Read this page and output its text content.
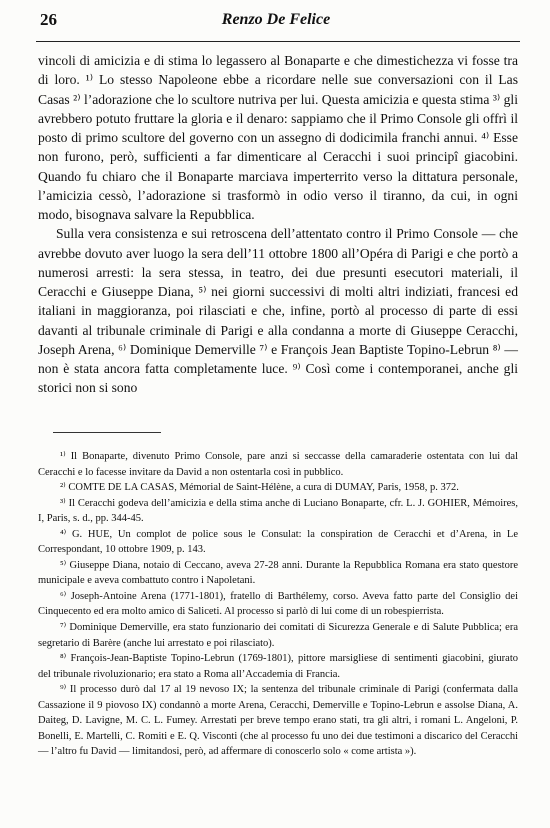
26	Renzo De Felice

vincoli di amicizia e di stima lo legassero al Bonaparte e che dimestichezza vi fosse tra di loro. ¹⁾ Lo stesso Napoleone ebbe a ricordare nelle sue conversazioni con il Las Casas ²⁾ l’adorazione che lo scultore nutriva per lui. Questa amicizia e questa stima ³⁾ gli avrebbero potuto fruttare la gloria e il denaro: sappiamo che il Primo Console gli offrì il posto di primo scultore del governo con un assegno di dodicimila franchi annui. ⁴⁾ Esse non furono, però, sufficienti a far dimenticare al Ceracchi i suoi principî giacobini. Quando fu chiaro che il Bonaparte marciava imperterrito verso la dittatura personale, l’amicizia cessò, l’adorazione si trasformò in odio verso il tiranno, da cui, in ogni modo, bisognava salvare la Repubblica.

Sulla vera consistenza e sui retroscena dell’attentato contro il Primo Console — che avrebbe dovuto aver luogo la sera dell’11 ottobre 1800 all’Opéra di Parigi e che portò a numerosi arresti: la sera stessa, in teatro, dei due presunti esecutori materiali, il Ceracchi e Giuseppe Diana, ⁵⁾ nei giorni successivi di molti altri indiziati, francesi ed italiani in maggioranza, poi rilasciati e che, infine, portò al processo di parte di essi davanti al tribunale criminale di Parigi e alla condanna a morte di Giuseppe Ceracchi, Joseph Arena, ⁶⁾ Dominique Demerville ⁷⁾ e François Jean Baptiste Topino-Lebrun ⁸⁾ — non è stata ancora fatta completamente luce. ⁹⁾ Così come i contemporanei, anche gli storici non si sono

¹⁾ Il Bonaparte, divenuto Primo Console, pare anzi si seccasse della camaraderie ostentata con lui dal Ceracchi e lo facesse invitare da David a non ostentarla così in pubblico.

²⁾ COMTE DE LA CASAS, Mémorial de Saint-Hélène, a cura di DUMAY, Paris, 1958, p. 372.

³⁾ Il Ceracchi godeva dell’amicizia e della stima anche di Luciano Bonaparte, cfr. L. J. GOHIER, Mémoires, I, Paris, s. d., pp. 344-45.

⁴⁾ G. HUE, Un complot de police sous le Consulat: la conspiration de Ceracchi et d’Arena, in Le Correspondant, 10 ottobre 1909, p. 143.

⁵⁾ Giuseppe Diana, notaio di Ceccano, aveva 27-28 anni. Durante la Repubblica Romana era stato questore municipale e aveva combattuto contro i Napoletani.

⁶⁾ Joseph-Antoine Arena (1771-1801), fratello di Barthélemy, corso. Aveva fatto parte del Consiglio dei Cinquecento ed era molto amico di Saliceti. Al processo si parlò di lui come di un robespierrista.

⁷⁾ Dominique Demerville, era stato funzionario dei comitati di Sicurezza Generale e di Salute Pubblica; era segretario di Barère (anche lui arrestato e poi rilasciato).

⁸⁾ François-Jean-Baptiste Topino-Lebrun (1769-1801), pittore marsigliese di sentimenti giacobini, giurato del tribunale rivoluzionario; era stato a Roma all’Accademia di Francia.

⁹⁾ Il processo durò dal 17 al 19 nevoso IX; la sentenza del tribunale criminale di Parigi (confermata dalla Cassazione il 9 piovoso IX) condannò a morte Arena, Ceracchi, Demerville e Topino-Lebrun e assolse Diana, A. Daiteg, D. Lavigne, M. C. L. Fumey. Arrestati per breve tempo erano stati, tra gli altri, i romani L. Angeloni, P. Bonelli, E. Martelli, C. Romiti e E. Q. Visconti (che al processo fu uno dei due testimoni a discarico del Ceracchi — l’altro fu David — limitandosi, però, ad affermare di conoscerlo solo « come artista »).
